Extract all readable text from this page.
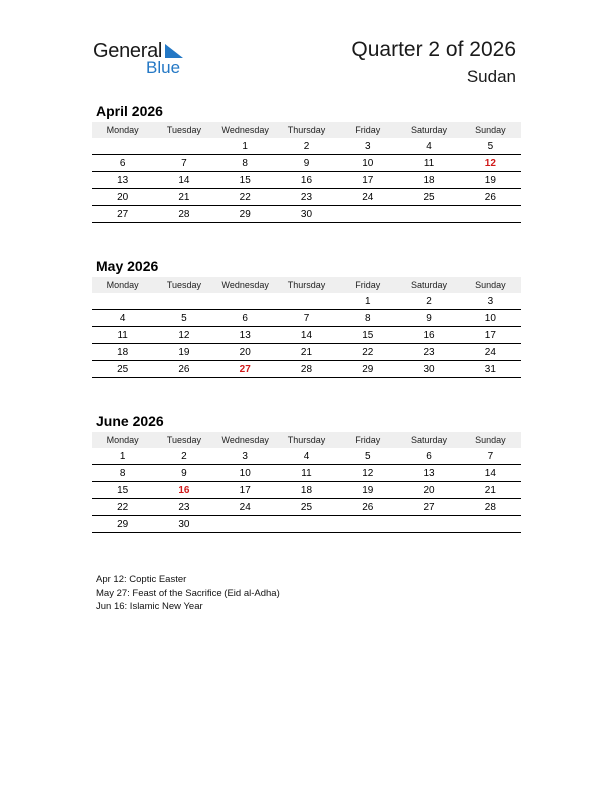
General
Blue
Quarter 2 of 2026
Sudan
April 2026
Monday	Tuesday	Wednesday	Thursday	Friday	Saturday	Sunday
		1	2	3	4	5
6	7	8	9	10	11	12
13	14	15	16	17	18	19
20	21	22	23	24	25	26
27	28	29	30			
May 2026
Monday	Tuesday	Wednesday	Thursday	Friday	Saturday	Sunday
				1	2	3
4	5	6	7	8	9	10
11	12	13	14	15	16	17
18	19	20	21	22	23	24
25	26	27	28	29	30	31
June 2026
Monday	Tuesday	Wednesday	Thursday	Friday	Saturday	Sunday
1	2	3	4	5	6	7
8	9	10	11	12	13	14
15	16	17	18	19	20	21
22	23	24	25	26	27	28
29	30					
Apr 12: Coptic Easter
May 27: Feast of the Sacrifice (Eid al-Adha)
Jun 16: Islamic New Year
